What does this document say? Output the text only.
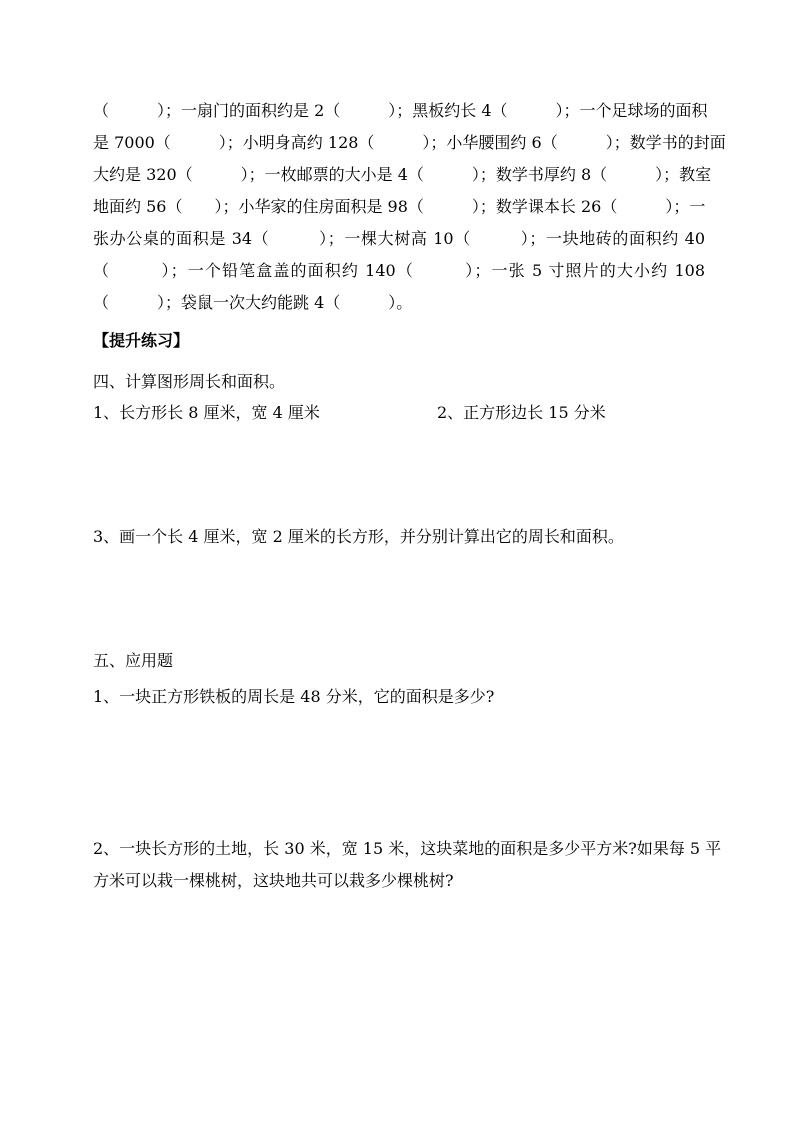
（　　　）；一扇门的面积约是 2（　　　）；黑板约长 4（　　　）；一个足球场的面积
是 7000（　　　）；小明身高约 128（　　　）；小华腰围约 6（　　　）；数学书的封面
大约是 320（　　　）；一枚邮票的大小是 4（　　　）；数学书厚约 8（　　　）；教室
地面约 56（　　）；小华家的住房面积是 98（　　　）；数学课本长 26（　　　）；一
张办公桌的面积是 34（　　　）；一棵大树高 10（　　　）；一块地砖的面积约 40
（　　　）；一个铅笔盒盖的面积约 140（　　　）；一张 5 寸照片的大小约 108
（　　　）；袋鼠一次大约能跳 4（　　　）。
【提升练习】
四、计算图形周长和面积。
1、长方形长 8 厘米，宽 4 厘米	2、正方形边长 15 分米
3、画一个长 4 厘米，宽 2 厘米的长方形，并分别计算出它的周长和面积。
五、应用题
1、一块正方形铁板的周长是 48 分米，它的面积是多少?
2、一块长方形的土地，长 30 米，宽 15 米，这块菜地的面积是多少平方米?如果每 5 平
方米可以栽一棵桃树，这块地共可以栽多少棵桃树?
